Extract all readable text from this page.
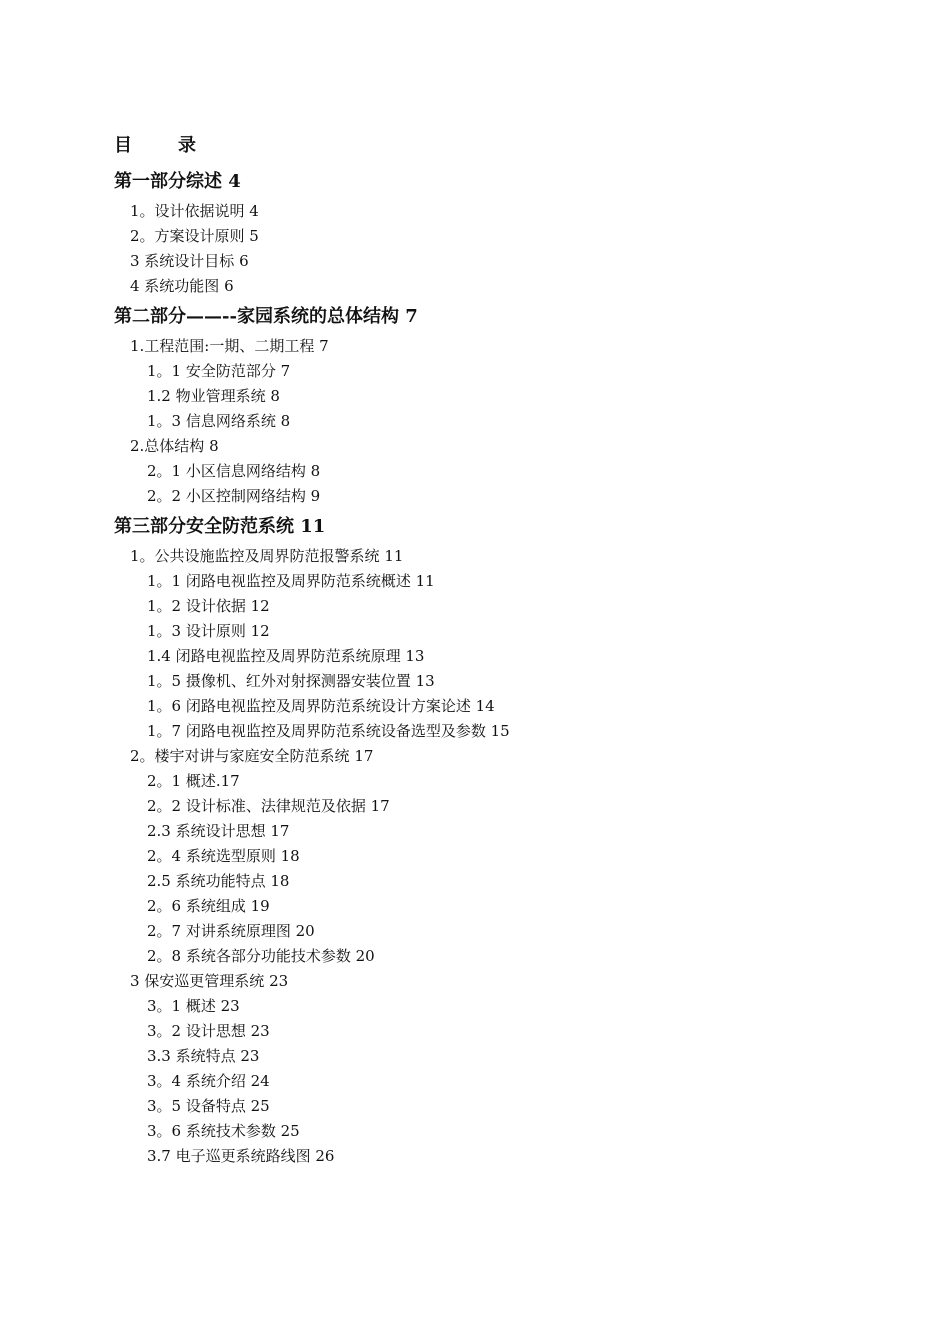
目	录
第一部分综述 4
1。设计依据说明 4
2。方案设计原则 5
3 系统设计目标 6
4 系统功能图 6
第二部分——--家园系统的总体结构 7
1.工程范围:一期、二期工程 7
1。1 安全防范部分 7
1.2 物业管理系统 8
1。3 信息网络系统 8
2.总体结构 8
2。1 小区信息网络结构 8
2。2 小区控制网络结构 9
第三部分安全防范系统 11
1。公共设施监控及周界防范报警系统 11
1。1 闭路电视监控及周界防范系统概述 11
1。2 设计依据 12
1。3 设计原则 12
1.4 闭路电视监控及周界防范系统原理 13
1。5 摄像机、红外对射探测器安装位置 13
1。6 闭路电视监控及周界防范系统设计方案论述 14
1。7 闭路电视监控及周界防范系统设备选型及参数 15
2。楼宇对讲与家庭安全防范系统 17
2。1 概述.17
2。2 设计标准、法律规范及依据 17
2.3 系统设计思想 17
2。4 系统选型原则 18
2.5 系统功能特点 18
2。6 系统组成 19
2。7 对讲系统原理图 20
2。8 系统各部分功能技术参数 20
3 保安巡更管理系统 23
3。1 概述 23
3。2 设计思想 23
3.3 系统特点 23
3。4 系统介绍 24
3。5 设备特点 25
3。6 系统技术参数 25
3.7 电子巡更系统路线图 26
